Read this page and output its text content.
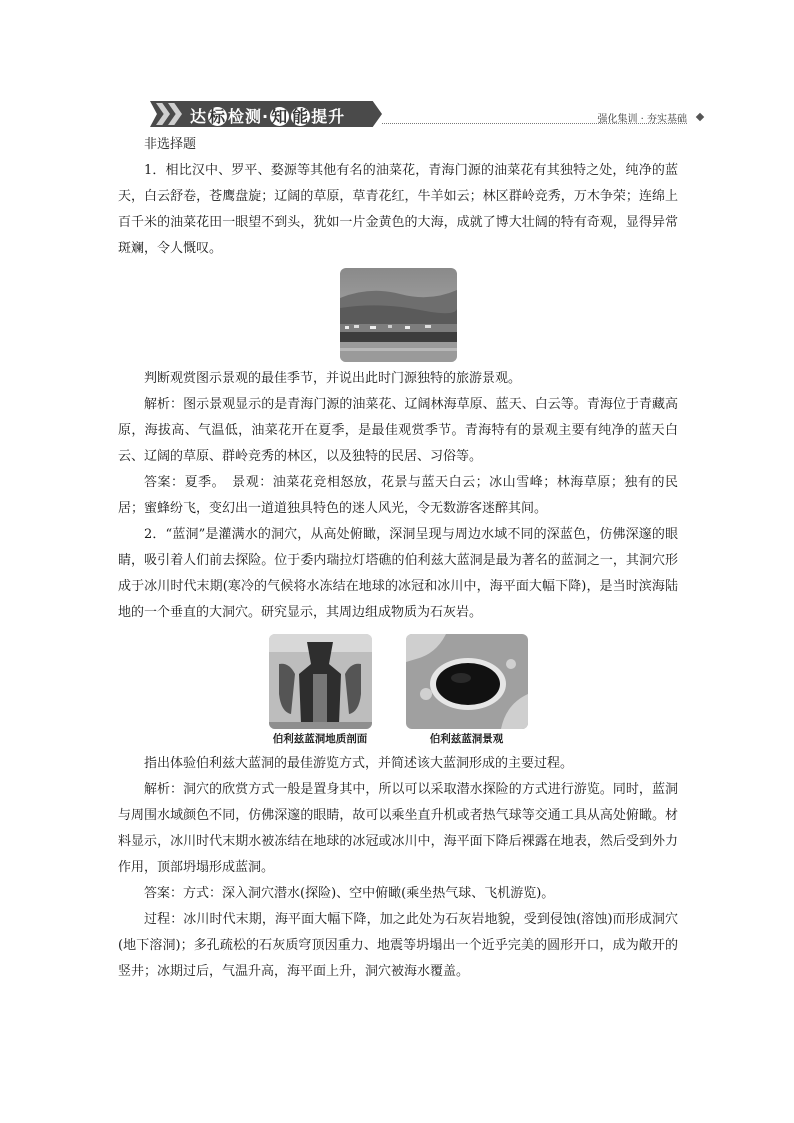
达 标 检测· 知 能 提升	强化集训 · 夯实基础

非选择题

1．相比汉中、罗平、婺源等其他有名的油菜花，青海门源的油菜花有其独特之处，纯净的蓝天，白云舒卷，苍鹰盘旋；辽阔的草原，草青花红，牛羊如云；林区群岭竞秀，万木争荣；连绵上百千米的油菜花田一眼望不到头，犹如一片金黄色的大海，成就了博大壮阔的特有奇观，显得异常斑斓，令人慨叹。

判断观赏图示景观的最佳季节，并说出此时门源独特的旅游景观。

解析：图示景观显示的是青海门源的油菜花、辽阔林海草原、蓝天、白云等。青海位于青藏高原，海拔高、气温低，油菜花开在夏季，是最佳观赏季节。青海特有的景观主要有纯净的蓝天白云、辽阔的草原、群岭竞秀的林区，以及独特的民居、习俗等。

答案：夏季。　景观：油菜花竞相怒放，花景与蓝天白云；冰山雪峰；林海草原；独有的民居；蜜蜂纷飞，变幻出一道道独具特色的迷人风光，令无数游客迷醉其间。

2．“蓝洞”是灌满水的洞穴，从高处俯瞰，深洞呈现与周边水域不同的深蓝色，仿佛深邃的眼睛，吸引着人们前去探险。位于委内瑞拉灯塔礁的伯利兹大蓝洞是最为著名的蓝洞之一，其洞穴形成于冰川时代末期(寒冷的气候将水冻结在地球的冰冠和冰川中，海平面大幅下降)，是当时滨海陆地的一个垂直的大洞穴。研究显示，其周边组成物质为石灰岩。

伯利兹蓝洞地质剖面	伯利兹蓝洞景观

指出体验伯利兹大蓝洞的最佳游览方式，并简述该大蓝洞形成的主要过程。

解析：洞穴的欣赏方式一般是置身其中，所以可以采取潜水探险的方式进行游览。同时，蓝洞与周围水域颜色不同，仿佛深邃的眼睛，故可以乘坐直升机或者热气球等交通工具从高处俯瞰。材料显示，冰川时代末期水被冻结在地球的冰冠或冰川中，海平面下降后裸露在地表，然后受到外力作用，顶部坍塌形成蓝洞。

答案：方式：深入洞穴潜水(探险)、空中俯瞰(乘坐热气球、飞机游览)。

过程：冰川时代末期，海平面大幅下降，加之此处为石灰岩地貌，受到侵蚀(溶蚀)而形成洞穴(地下溶洞)；多孔疏松的石灰质穹顶因重力、地震等坍塌出一个近乎完美的圆形开口，成为敞开的竖井；冰期过后，气温升高，海平面上升，洞穴被海水覆盖。
